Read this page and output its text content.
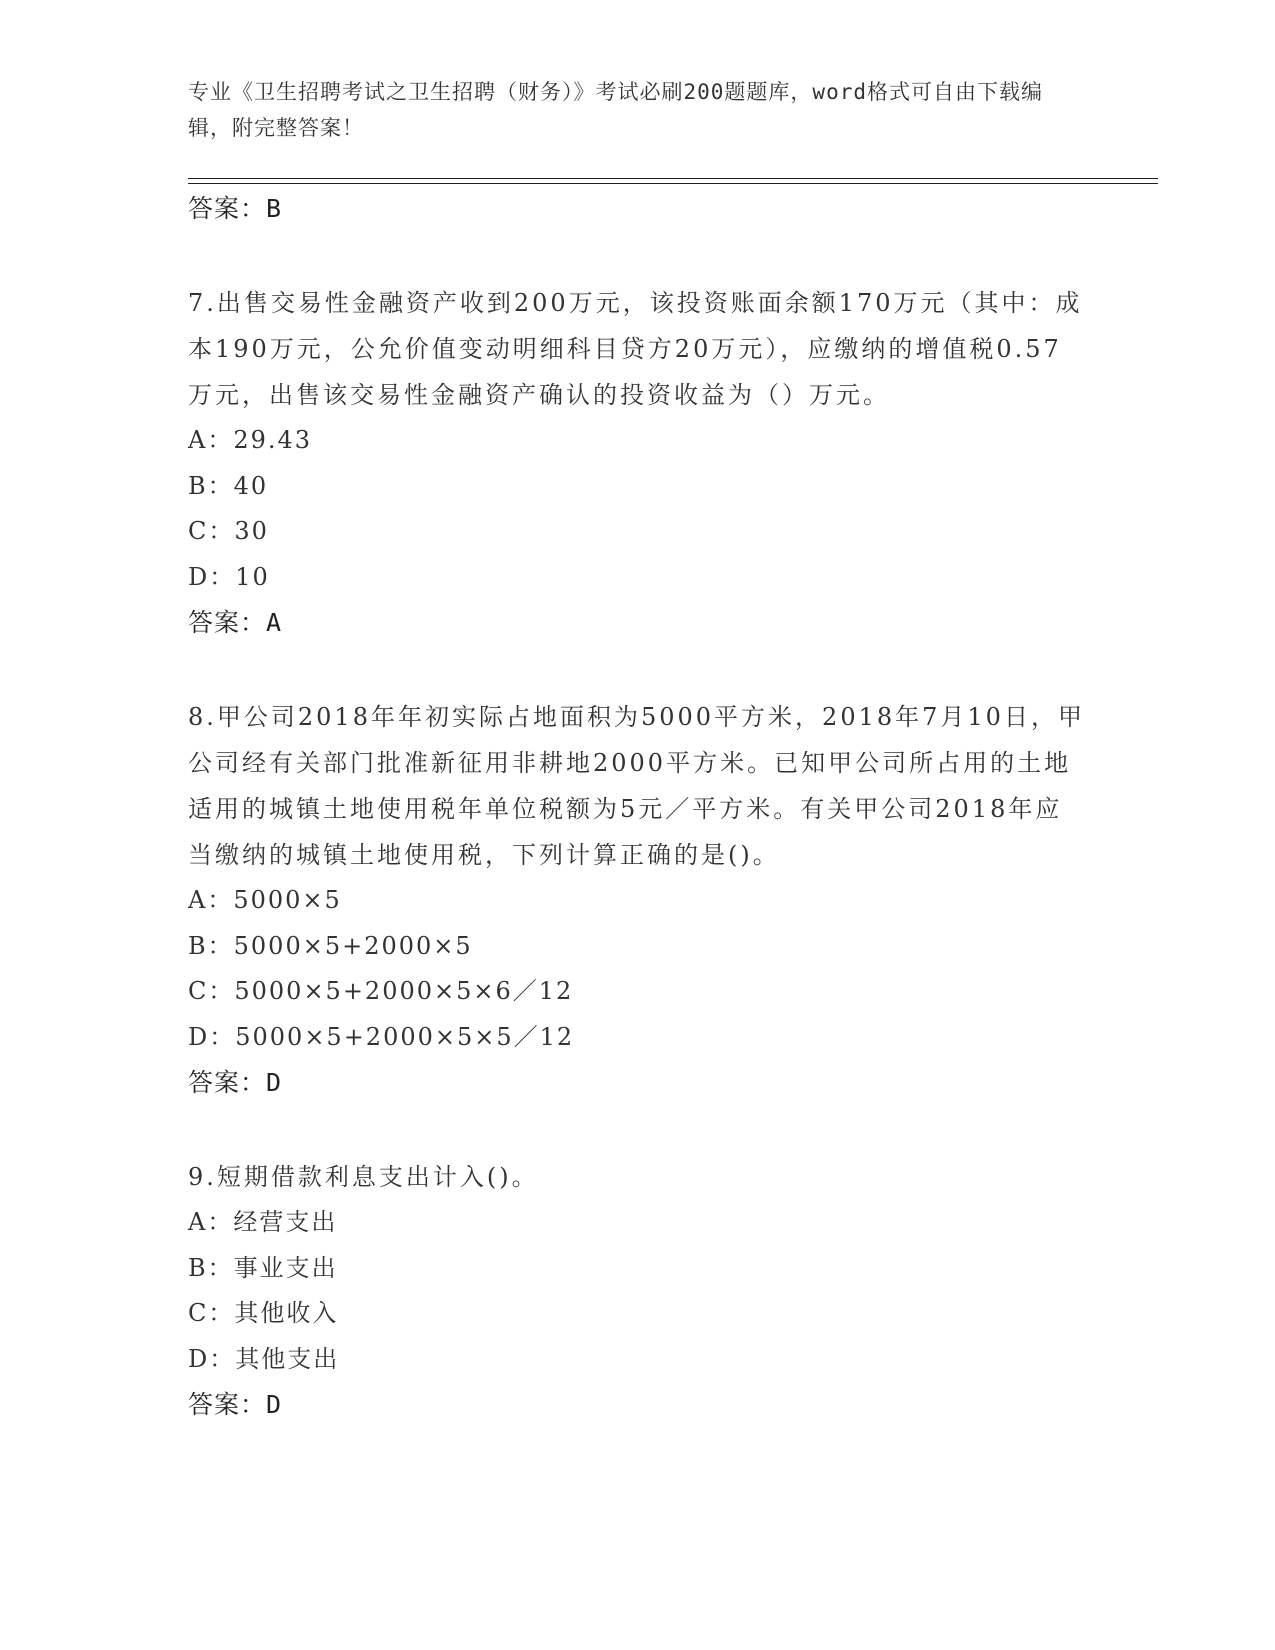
专业《卫生招聘考试之卫生招聘（财务）》考试必刷200题题库，word格式可自由下载编辑，附完整答案！
答案：B
7.出售交易性金融资产收到200万元，该投资账面余额170万元（其中：成本190万元，公允价值变动明细科目贷方20万元），应缴纳的增值税0.57万元，出售该交易性金融资产确认的投资收益为（）万元。
A：29.43
B：40
C：30
D：10
答案：A
8.甲公司2018年年初实际占地面积为5000平方米，2018年7月10日，甲公司经有关部门批准新征用非耕地2000平方米。已知甲公司所占用的土地适用的城镇土地使用税年单位税额为5元／平方米。有关甲公司2018年应当缴纳的城镇土地使用税，下列计算正确的是()。
A：5000×5
B：5000×5+2000×5
C：5000×5+2000×5×6／12
D：5000×5+2000×5×5／12
答案：D
9.短期借款利息支出计入()。
A：经营支出
B：事业支出
C：其他收入
D：其他支出
答案：D
